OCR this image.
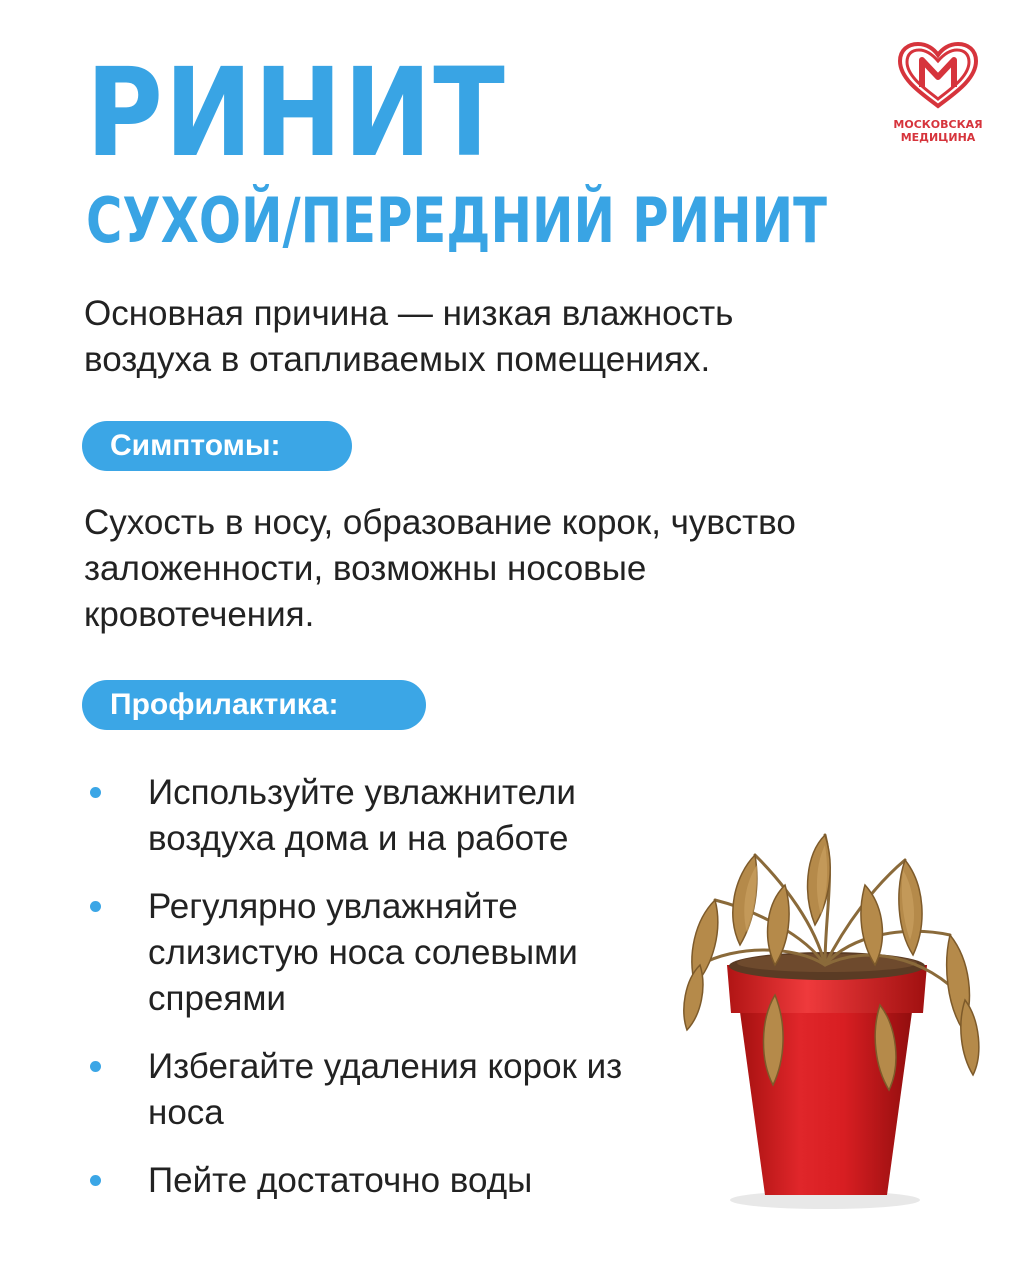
РИНИТ
СУХОЙ/ПЕРЕДНИЙ РИНИТ
МОСКОВСКАЯ
МЕДИЦИНА

Основная причина — низкая влажность воздуха в отапливаемых помещениях.

Симптомы:

Сухость в носу, образование корок, чувство заложенности, возможны носовые кровотечения.

Профилактика:
Используйте увлажнители воздуха дома и на работе
Регулярно увлажняйте слизистую носа солевыми спреями
Избегайте удаления корок из носа
Пейте достаточно воды
